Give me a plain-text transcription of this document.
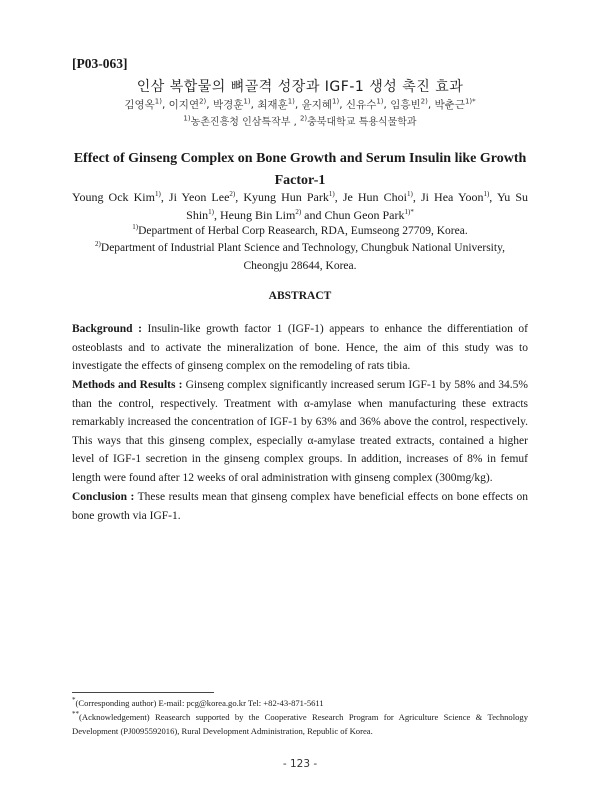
[P03-063]
인삼 복합물의 뼈골격 성장과 IGF-1 생성 촉진 효과
김영옥$^{1)}$, 이지연$^{2)}$, 박경훈$^{1)}$, 최재훈$^{1)}$, 윤지혜$^{1)}$, 신유수$^{1)}$, 임흥빈$^{2)}$, 박춘근$^{1)*}$
$^{1)}$농촌진흥청 인삼특작부 , $^{2)}$충북대학교 특용식물학과
Effect of Ginseng Complex on Bone Growth and Serum Insulin like Growth Factor-1
Young Ock Kim$^{1)}$, Ji Yeon Lee$^{2)}$, Kyung Hun Park$^{1)}$, Je Hun Choi$^{1)}$, Ji Hea Yoon$^{1)}$, Yu Su Shin$^{1)}$, Heung Bin Lim$^{2)}$ and Chun Geon Park$^{1)*}$
$^{1)}$Department of Herbal Corp Reasearch, RDA, Eumseong 27709, Korea.
$^{2)}$Department of Industrial Plant Science and Technology, Chungbuk National University, Cheongju 28644, Korea.
ABSTRACT
Background : Insulin-like growth factor 1 (IGF-1) appears to enhance the differentiation of osteoblasts and to activate the mineralization of bone. Hence, the aim of this study was to investigate the effects of ginseng complex on the remodeling of rats tibia.
Methods and Results : Ginseng complex significantly increased serum IGF-1 by 58% and 34.5% than the control, respectively. Treatment with α-amylase when manufacturing these extracts remarkably increased the concentration of IGF-1 by 63% and 36% above the control, respectively. This ways that this ginseng complex, especially α-amylase treated extracts, contained a higher level of IGF-1 secretion in the ginseng complex groups. In addition, increases of 8% in femuf length were found after 12 weeks of oral administration with ginseng complex (300mg/kg).
Conclusion : These results mean that ginseng complex have beneficial effects on bone effects on bone growth via IGF-1.
*(Corresponding author) E-mail: pcg@korea.go.kr Tel: +82-43-871-5611
**(Acknowledgement) Reasearch supported by the Cooperative Research Program for Agriculture Science & Technology Development (PJ0095592016), Rural Development Administration, Republic of Korea.
- 123 -
